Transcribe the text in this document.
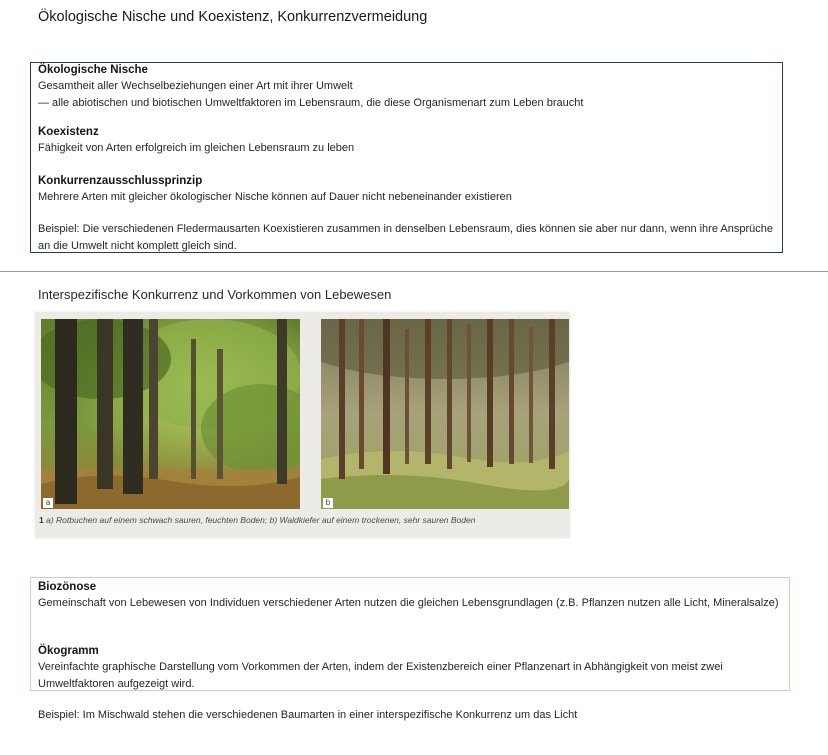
Ökologische Nische und Koexistenz, Konkurrenzvermeidung
Ökologische Nische
Gesamtheit aller Wechselbeziehungen einer Art mit ihrer Umwelt
— alle abiotischen und biotischen Umweltfaktoren im Lebensraum, die diese Organismenart zum Leben braucht
Koexistenz
Fähigkeit von Arten erfolgreich im gleichen Lebensraum zu leben
Konkurrenzausschlussprinzip
Mehrere Arten mit gleicher ökologischer Nische können auf Dauer nicht nebeneinander existieren
Beispiel: Die verschiedenen Fledermausarten Koexistieren zusammen in denselben Lebensraum, dies können sie aber nur dann, wenn ihre Ansprüche an die Umwelt nicht komplett gleich sind.
Interspezifische Konkurrenz und Vorkommen von Lebewesen
a	b
1 a) Rotbuchen auf einem schwach sauren, feuchten Boden; b) Waldkiefer auf einem trockenen, sehr sauren Boden
Biozönose
Gemeinschaft von Lebewesen von Individuen verschiedener Arten nutzen die gleichen Lebensgrundlagen (z.B. Pflanzen nutzen alle Licht, Mineralsalze)
Ökogramm
Vereinfachte graphische Darstellung vom Vorkommen der Arten, indem der Existenzbereich einer Pflanzenart in Abhängigkeit von meist zwei Umweltfaktoren aufgezeigt wird.
Beispiel: Im Mischwald stehen die verschiedenen Baumarten in einer interspezifische Konkurrenz um das Licht
